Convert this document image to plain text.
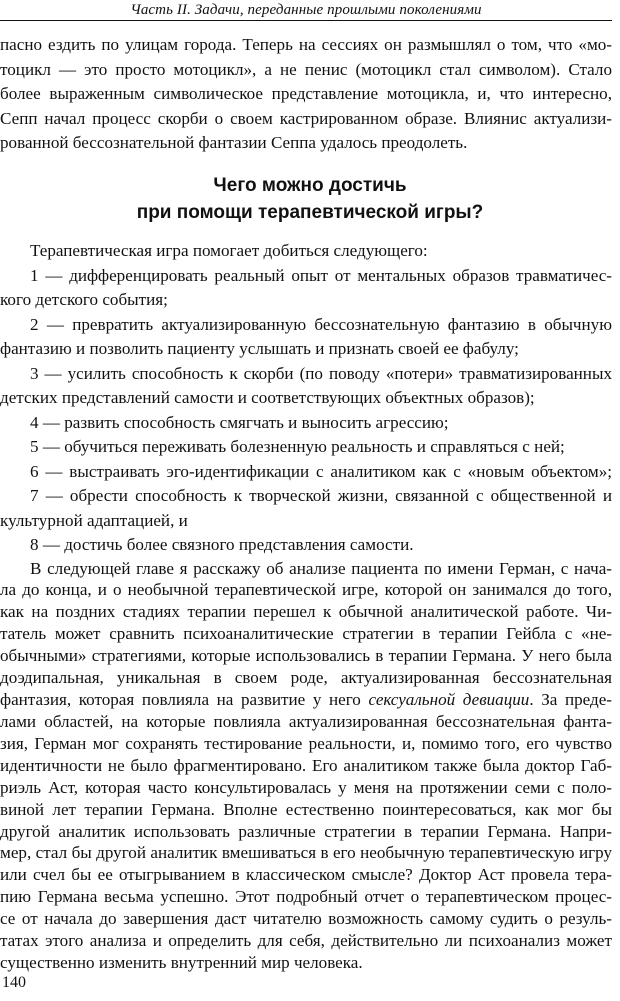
Часть II. Задачи, переданные прошлыми поколениями
пасно ездить по улицам города. Теперь на сессиях он размышлял о том, что «мо-
тоцикл — это просто мотоцикл», а не пенис (мотоцикл стал символом). Стало
более выраженным символическое представление мотоцикла, и, что интересно,
Сепп начал процесс скорби о своем кастрированном образе. Влиянис актуализи-
рованной бессознательной фантазии Сеппа удалось преодолеть.
Чего можно достичь
при помощи терапевтической игры?
Терапевтическая игра помогает добиться следующего:
1 — дифференцировать реальный опыт от ментальных образов травматичес-
кого детского события;
2 — превратить актуализированную бессознательную фантазию в обычную
фантазию и позволить пациенту услышать и признать своей ее фабулу;
3 — усилить способность к скорби (по поводу «потери» травматизированных
детских представлений самости и соответствующих объектных образов);
4 — развить способность смягчать и выносить агрессию;
5 — обучиться переживать болезненную реальность и справляться с ней;
6 — выстраивать эго-идентификации с аналитиком как с «новым объектом»;
7 — обрести способность к творческой жизни, связанной с общественной и
культурной адаптацией, и
8 — достичь более связного представления самости.
В следующей главе я расскажу об анализе пациента по имени Герман, с нача-
ла до конца, и о необычной терапевтической игре, которой он занимался до того,
как на поздних стадиях терапии перешел к обычной аналитической работе. Чи-
татель может сравнить психоаналитические стратегии в терапии Гейбла с «не-
обычными» стратегиями, которые использовались в терапии Германа. У него была
доэдипальная, уникальная в своем роде, актуализированная бессознательная
фантазия, которая повлияла на развитие у него сексуальной девиации. За преде-
лами областей, на которые повлияла актуализированная бессознательная фанта-
зия, Герман мог сохранять тестирование реальности, и, помимо того, его чувство
идентичности не было фрагментировано. Его аналитиком также была доктор Габ-
риэль Аст, которая часто консультировалась у меня на протяжении семи с поло-
виной лет терапии Германа. Вполне естественно поинтересоваться, как мог бы
другой аналитик использовать различные стратегии в терапии Германа. Напри-
мер, стал бы другой аналитик вмешиваться в его необычную терапевтическую игру
или счел бы ее отыгрыванием в классическом смысле? Доктор Аст провела тера-
пию Германа весьма успешно. Этот подробный отчет о терапевтическом процес-
се от начала до завершения даст читателю возможность самому судить о резуль-
татах этого анализа и определить для себя, действительно ли психоанализ может
существенно изменить внутренний мир человека.
140
